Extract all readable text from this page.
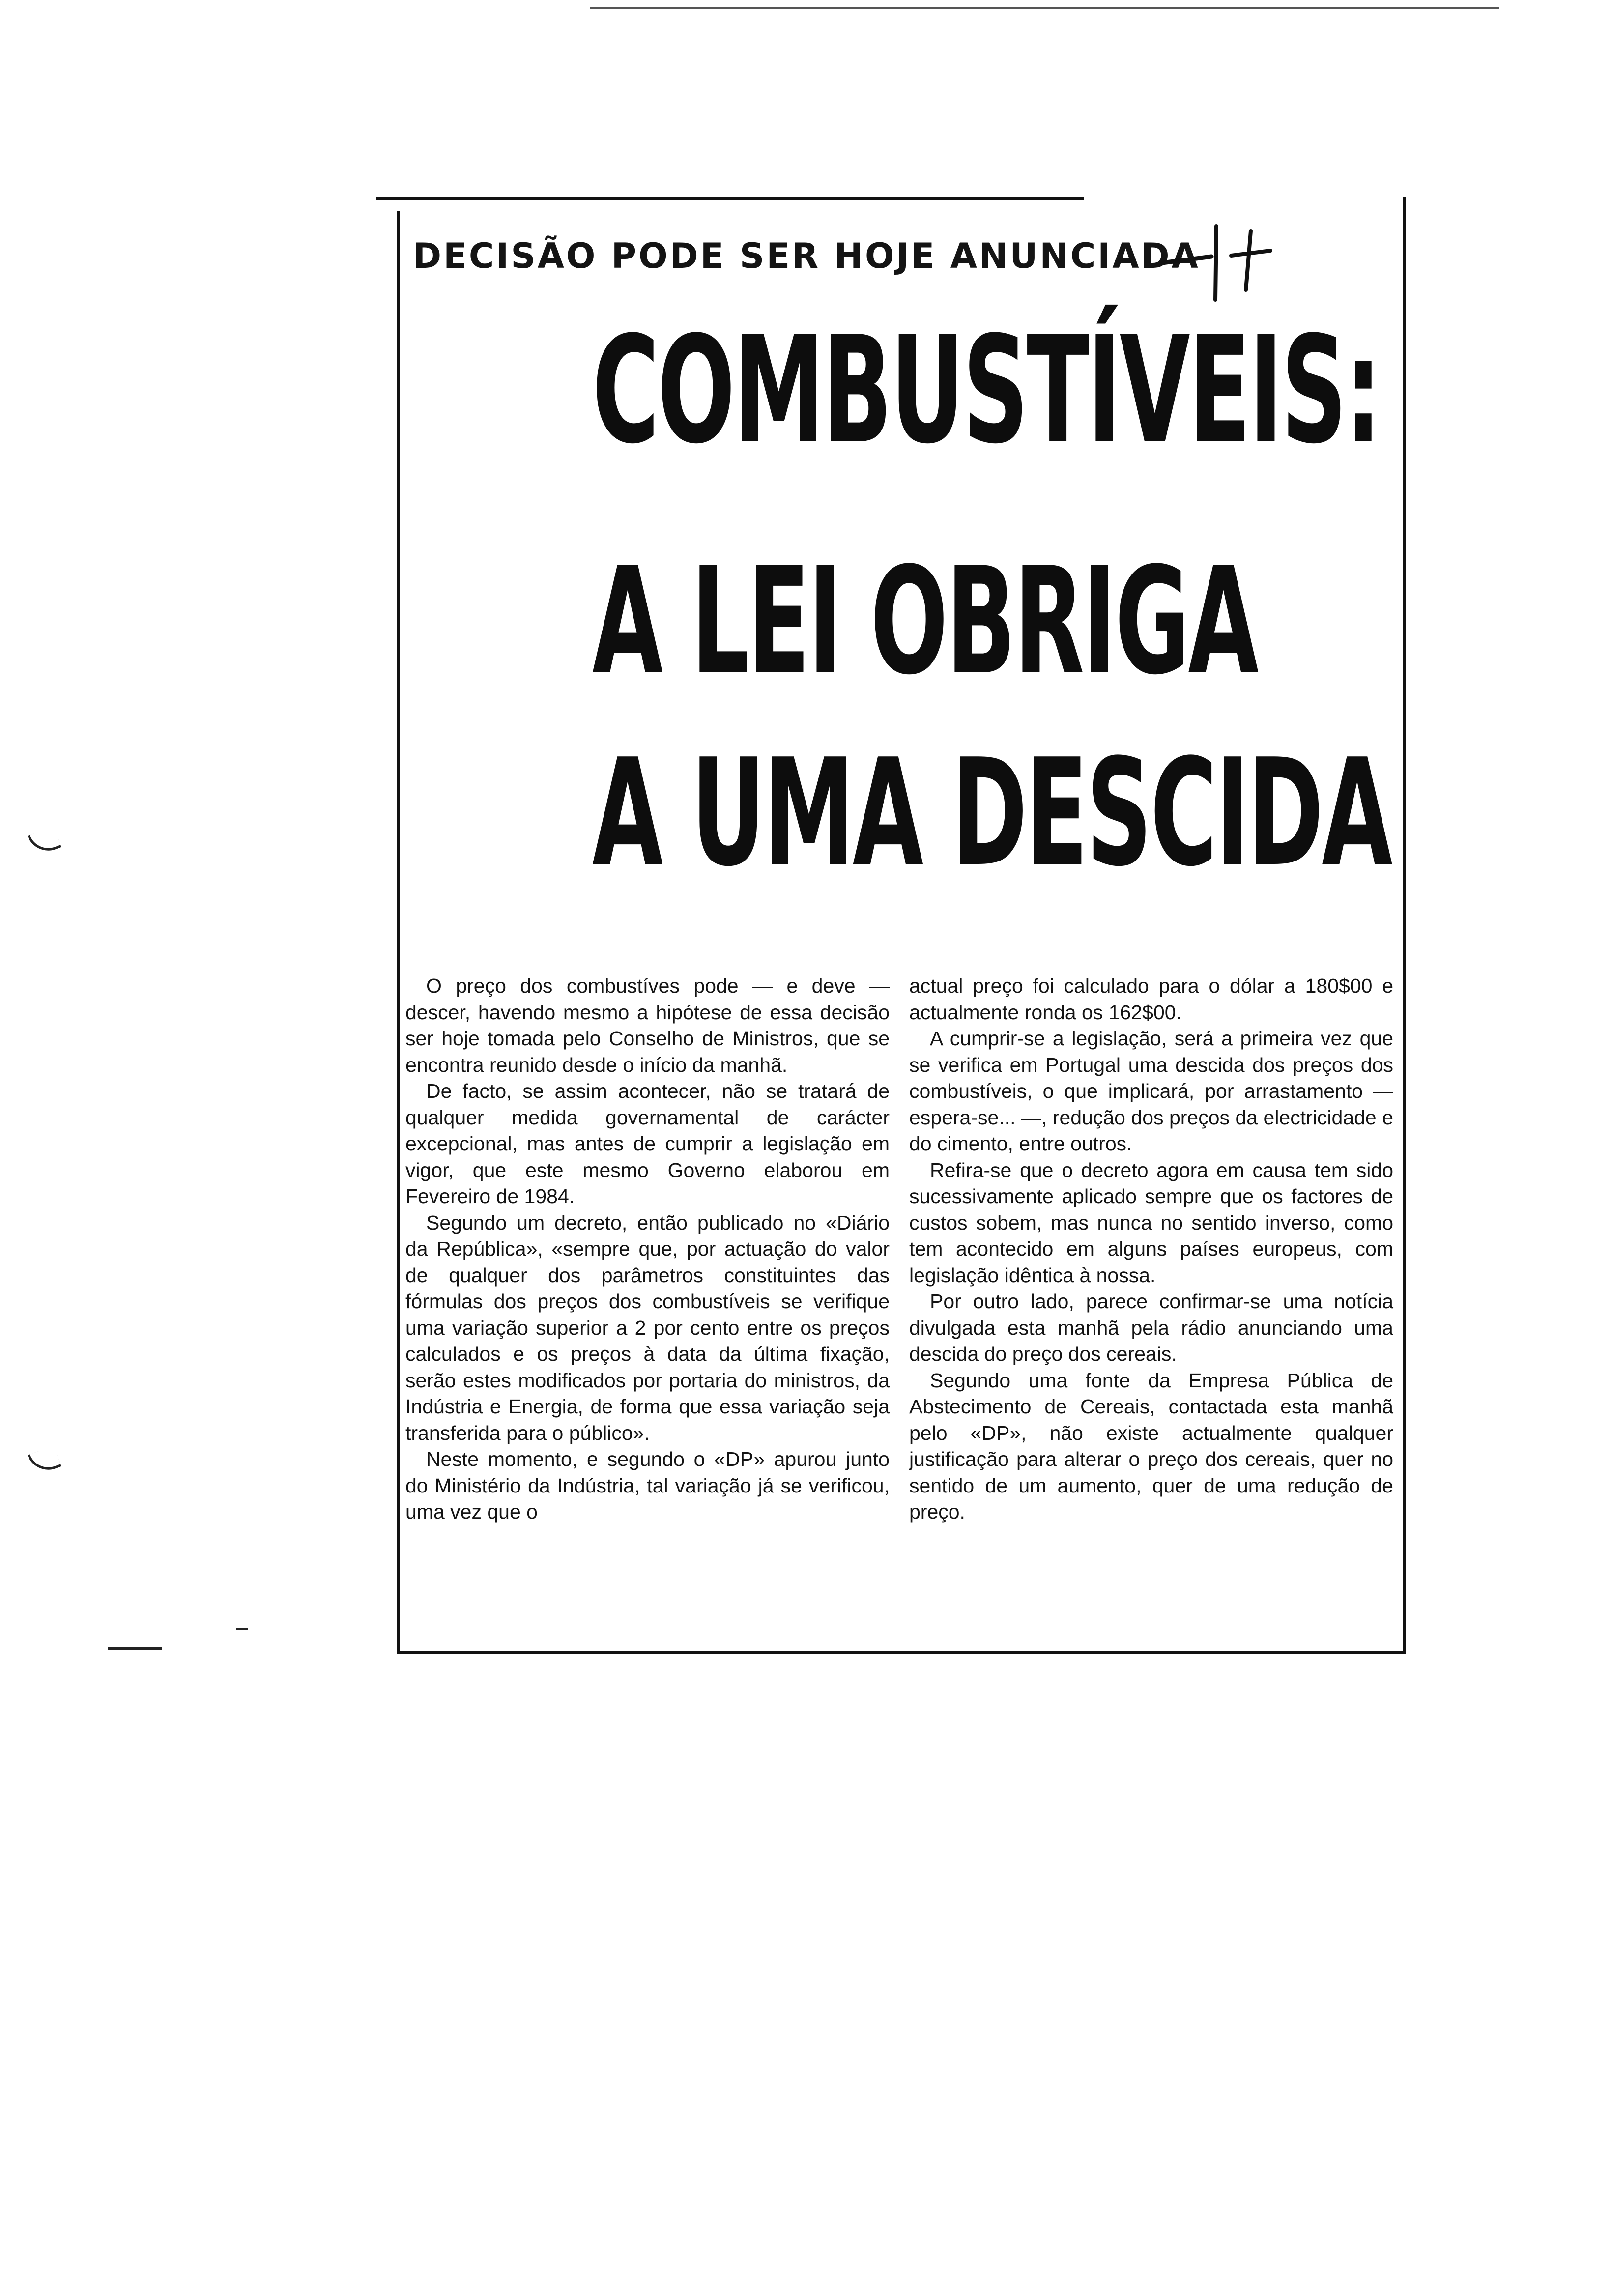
DECISÃO PODE SER HOJE ANUNCIADA
COMBUSTÍVEIS:
A LEI OBRIGA
A UMA DESCIDA

O preço dos combustíves pode — e deve — descer, havendo mesmo a hipótese de essa decisão ser hoje tomada pelo Conselho de Ministros, que se encontra reunido desde o início da manhã.

De facto, se assim acontecer, não se tratará de qualquer medida governamental de carácter excepcional, mas antes de cumprir a legislação em vigor, que este mesmo Governo elaborou em Fevereiro de 1984.

Segundo um decreto, então publicado no «Diário da República», «sempre que, por actuação do valor de qualquer dos parâmetros constituintes das fórmulas dos preços dos combustíveis se verifique uma variação superior a 2 por cento entre os preços calculados e os preços à data da última fixação, serão estes modificados por portaria do ministros, da Indústria e Energia, de forma que essa variação seja transferida para o público».

Neste momento, e segundo o «DP» apurou junto do Ministério da Indústria, tal variação já se verificou, uma vez que o

actual preço foi calculado para o dólar a 180$00 e actualmente ronda os 162$00.

A cumprir-se a legislação, será a primeira vez que se verifica em Portugal uma descida dos preços dos combustíveis, o que implicará, por arrastamento — espera-se... —, redução dos preços da electricidade e do cimento, entre outros.

Refira-se que o decreto agora em causa tem sido sucessivamente aplicado sempre que os factores de custos sobem, mas nunca no sentido inverso, como tem acontecido em alguns países europeus, com legislação idêntica à nossa.

Por outro lado, parece confirmar-se uma notícia divulgada esta manhã pela rádio anunciando uma descida do preço dos cereais.

Segundo uma fonte da Empresa Pública de Abstecimento de Cereais, contactada esta manhã pelo «DP», não existe actualmente qualquer justificação para alterar o preço dos cereais, quer no sentido de um aumento, quer de uma redução de preço.
